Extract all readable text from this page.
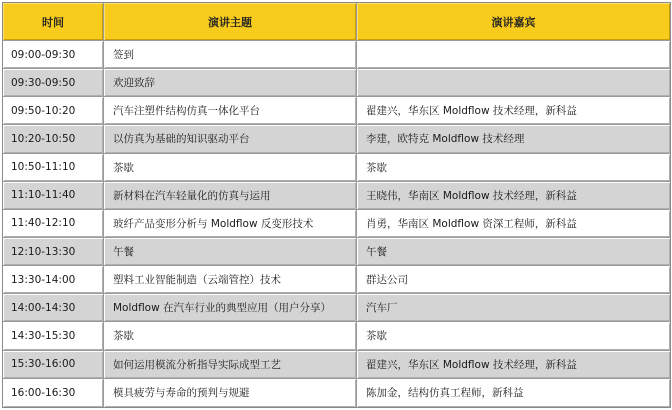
时间	演讲主题	演讲嘉宾
09:00-09:30	签到	
09:30-09:50	欢迎致辞	
09:50-10:20	汽车注塑件结构仿真一体化平台	翟建兴，华东区 Moldflow 技术经理，新科益
10:20-10:50	以仿真为基础的知识驱动平台	李建，欧特克 Moldflow 技术经理
10:50-11:10	茶歇	茶歇
11:10-11:40	新材料在汽车轻量化的仿真与运用	王晓伟，华南区 Moldflow 技术经理，新科益
11:40-12:10	玻纤产品变形分析与 Moldflow 反变形技术	肖勇，华南区 Moldflow 资深工程师，新科益
12:10-13:30	午餐	午餐
13:30-14:00	塑料工业智能制造（云端管控）技术	群达公司
14:00-14:30	Moldflow 在汽车行业的典型应用（用户分享）	汽车厂
14:30-15:30	茶歇	茶歇
15:30-16:00	如何运用模流分析指导实际成型工艺	翟建兴，华东区 Moldflow 技术经理，新科益
16:00-16:30	模具疲劳与寿命的预判与规避	陈加金，结构仿真工程师，新科益
